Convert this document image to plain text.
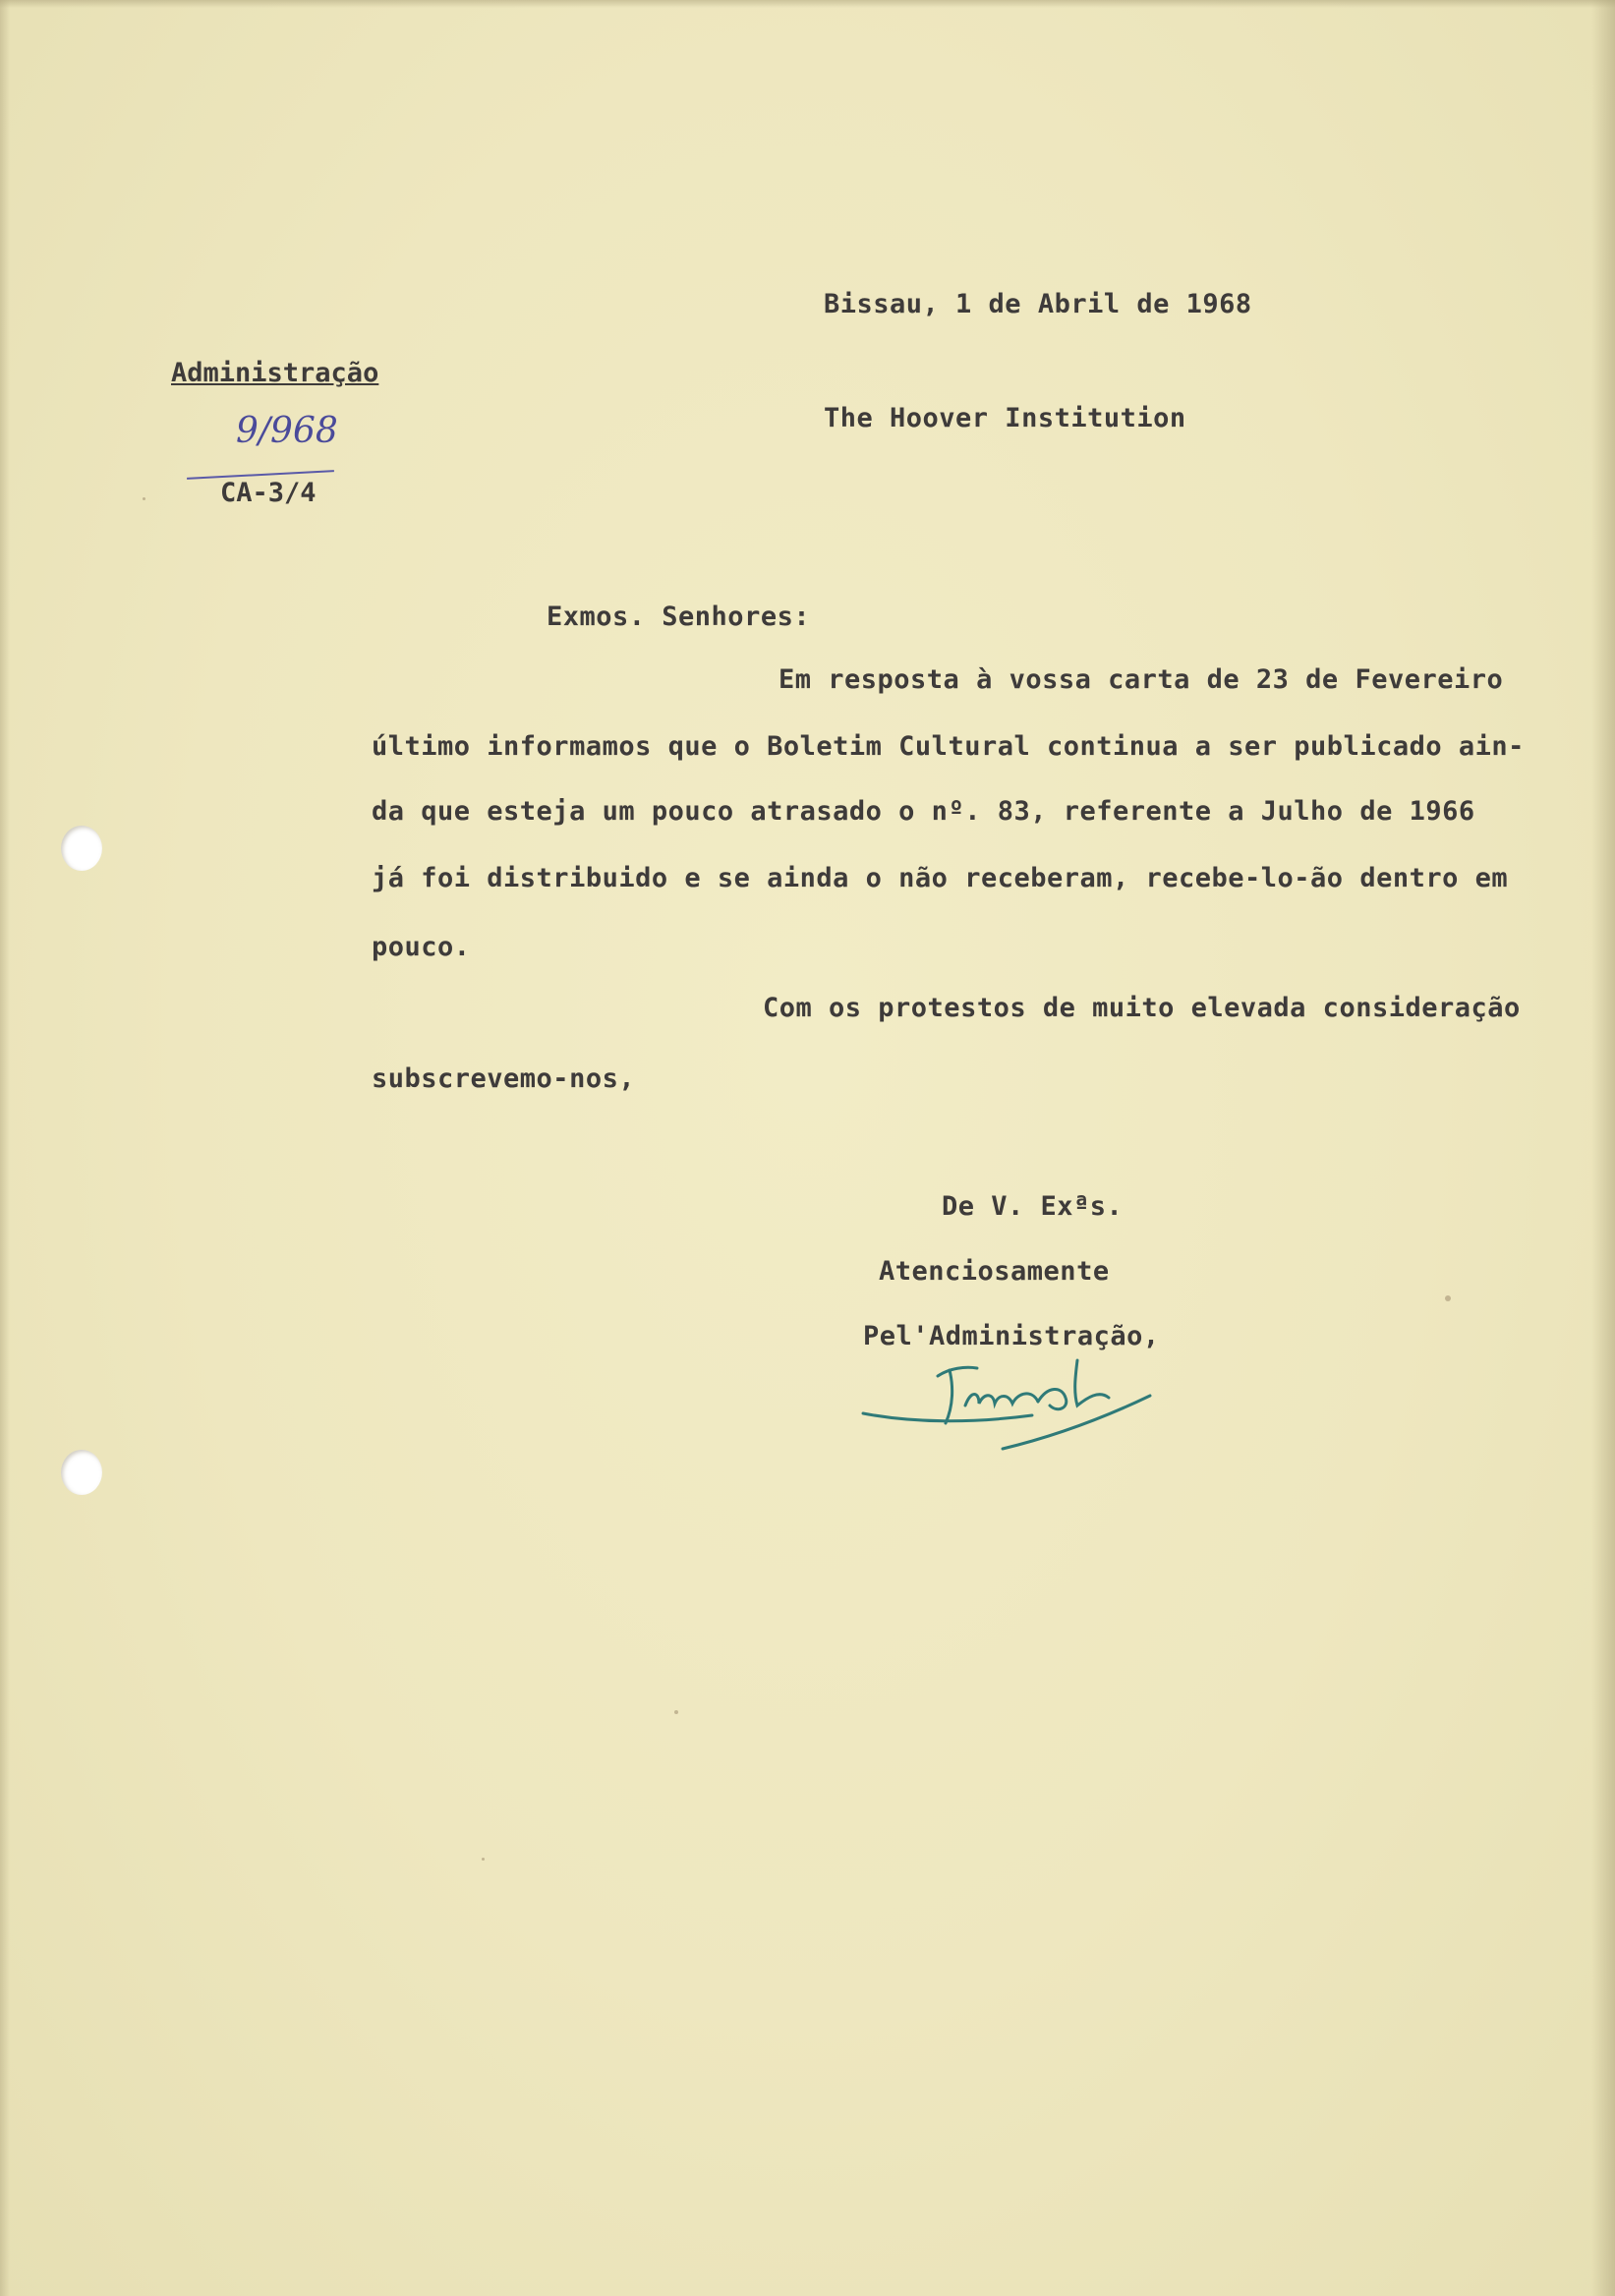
Bissau, 1 de Abril de 1968
The Hoover Institution
Administração
9/968
CA-3/4
Exmos. Senhores:
Em resposta à vossa carta de 23 de Fevereiro
último informamos que o Boletim Cultural continua a ser publicado ain-
da que esteja um pouco atrasado o nº. 83, referente a Julho de 1966
já foi distribuido e se ainda o não receberam, recebe-lo-ão dentro em
pouco.
Com os protestos de muito elevada consideração
subscrevemo-nos,
De V. Exªs.
Atenciosamente
Pel'Administração,
